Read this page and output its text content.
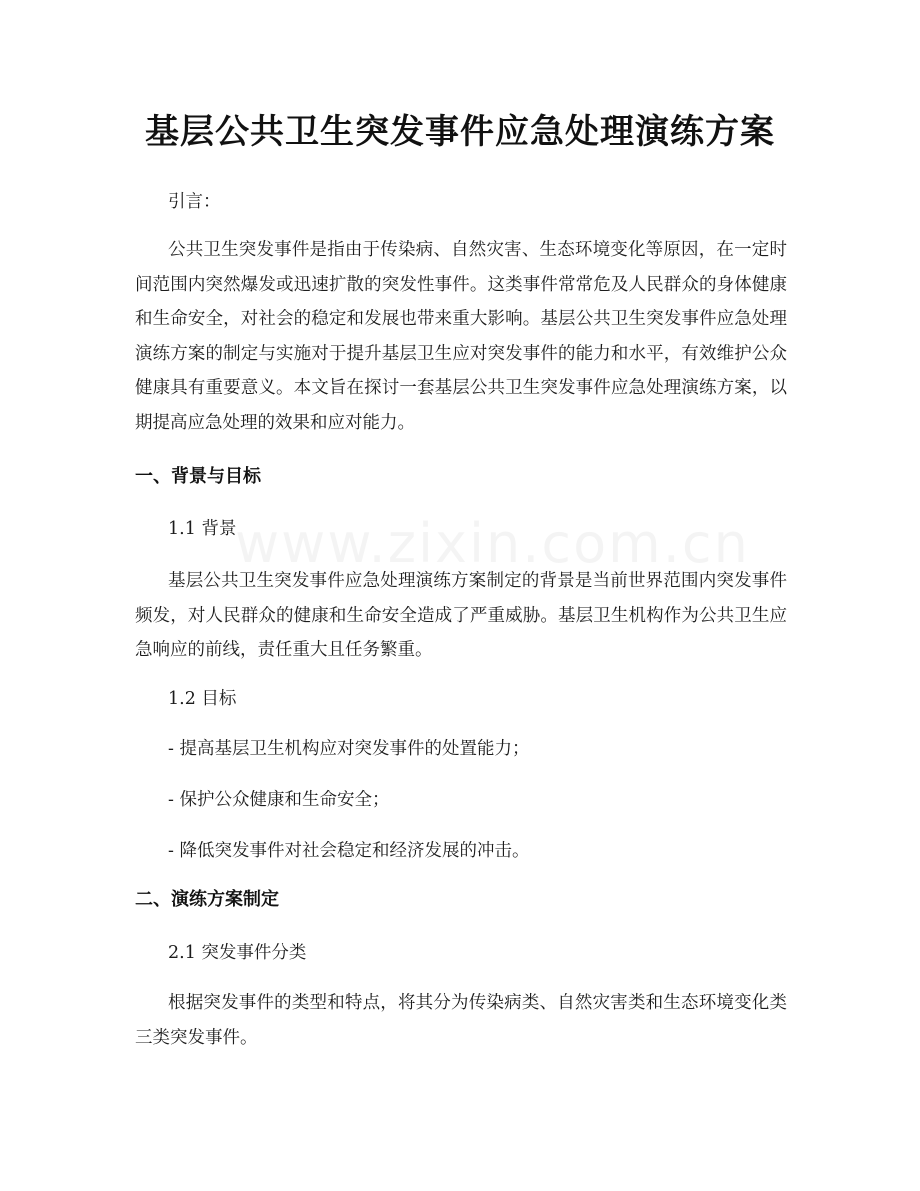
基层公共卫生突发事件应急处理演练方案
引言：
公共卫生突发事件是指由于传染病、自然灾害、生态环境变化等原因，在一定时间范围内突然爆发或迅速扩散的突发性事件。这类事件常常危及人民群众的身体健康和生命安全，对社会的稳定和发展也带来重大影响。基层公共卫生突发事件应急处理演练方案的制定与实施对于提升基层卫生应对突发事件的能力和水平，有效维护公众健康具有重要意义。本文旨在探讨一套基层公共卫生突发事件应急处理演练方案，以期提高应急处理的效果和应对能力。
一、背景与目标
1.1 背景
基层公共卫生突发事件应急处理演练方案制定的背景是当前世界范围内突发事件频发，对人民群众的健康和生命安全造成了严重威胁。基层卫生机构作为公共卫生应急响应的前线，责任重大且任务繁重。
1.2 目标
- 提高基层卫生机构应对突发事件的处置能力；
- 保护公众健康和生命安全；
- 降低突发事件对社会稳定和经济发展的冲击。
二、演练方案制定
2.1 突发事件分类
根据突发事件的类型和特点，将其分为传染病类、自然灾害类和生态环境变化类三类突发事件。
